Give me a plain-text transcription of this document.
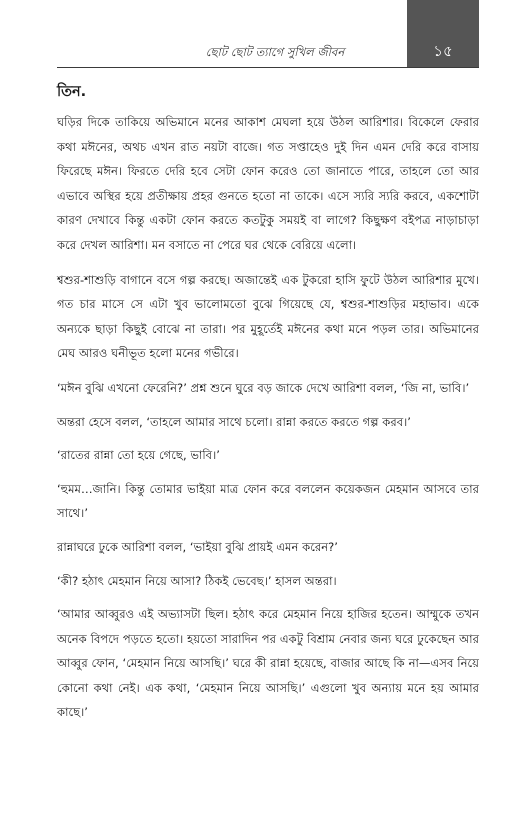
ছোট ছোট ত্যাগে সুখিল জীবন	১৫
তিন.

ঘড়ির দিকে তাকিয়ে অভিমানে মনের আকাশ মেঘলা হয়ে উঠল আরিশার। বিকেলে ফেরার কথা মঈনের, অথচ এখন রাত নয়টা বাজে। গত সপ্তাহেও দুই দিন এমন দেরি করে বাসায় ফিরেছে মঈন। ফিরতে দেরি হবে সেটা ফোন করেও তো জানাতে পারে, তাহলে তো আর এভাবে অস্থির হয়ে প্রতীক্ষায় প্রহর গুনতে হতো না তাকে। এসে স্যরি স্যরি করবে, একশোটা কারণ দেখাবে কিন্তু একটা ফোন করতে কতটুকু সময়ই বা লাগে? কিছুক্ষণ বইপত্র নাড়াচাড়া করে দেখল আরিশা। মন বসাতে না পেরে ঘর থেকে বেরিয়ে এলো।

শ্বশুর-শাশুড়ি বাগানে বসে গল্প করছে। অজান্তেই এক টুকরো হাসি ফুটে উঠল আরিশার মুখে। গত চার মাসে সে এটা খুব ভালোমতো বুঝে গিয়েছে যে, শ্বশুর-শাশুড়ির মহাভাব। একে অন্যকে ছাড়া কিছুই বোঝে না তারা। পর মুহূর্তেই মঈনের কথা মনে পড়ল তার। অভিমানের মেঘ আরও ঘনীভূত হলো মনের গভীরে।

‘মঈন বুঝি এখনো ফেরেনি?’ প্রশ্ন শুনে ঘুরে বড় জাকে দেখে আরিশা বলল, ‘জি না, ভাবি।’

অন্তরা হেসে বলল, ‘তাহলে আমার সাথে চলো। রান্না করতে করতে গল্প করব।’

‘রাতের রান্না তো হয়ে গেছে, ভাবি।’

‘হুমম…জানি। কিন্তু তোমার ভাইয়া মাত্র ফোন করে বললেন কয়েকজন মেহমান আসবে তার সাথে।’

রান্নাঘরে ঢুকে আরিশা বলল, ‘ভাইয়া বুঝি প্রায়ই এমন করেন?’

‘কী? হঠাৎ মেহমান নিয়ে আসা? ঠিকই ভেবেছ।’ হাসল অন্তরা।

‘আমার আব্বুরও এই অভ্যাসটা ছিল। হঠাৎ করে মেহমান নিয়ে হাজির হতেন। আম্মুকে তখন অনেক বিপদে পড়তে হতো। হয়তো সারাদিন পর একটু বিশ্রাম নেবার জন্য ঘরে ঢুকেছেন আর আব্বুর ফোন, ‘মেহমান নিয়ে আসছি।’ ঘরে কী রান্না হয়েছে, বাজার আছে কি না—এসব নিয়ে কোনো কথা নেই। এক কথা, ‘মেহমান নিয়ে আসছি।’ এগুলো খুব অন্যায় মনে হয় আমার কাছে।’
